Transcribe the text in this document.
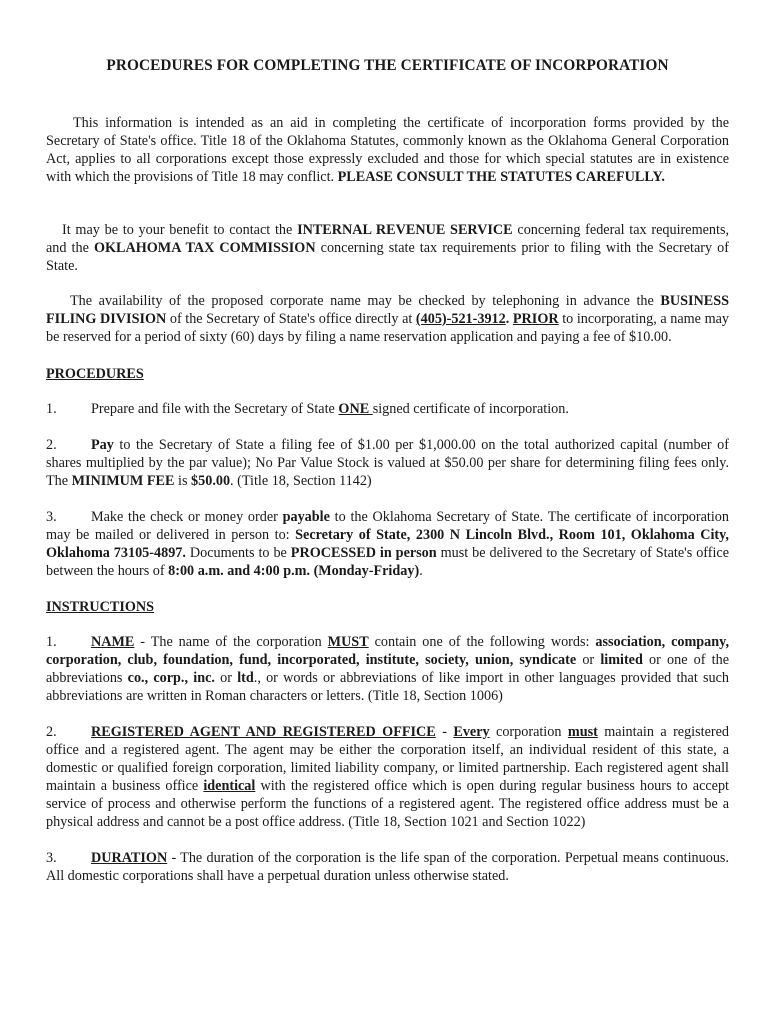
PROCEDURES FOR COMPLETING THE CERTIFICATE OF INCORPORATION

This information is intended as an aid in completing the certificate of incorporation forms provided by the Secretary of State's office. Title 18 of the Oklahoma Statutes, commonly known as the Oklahoma General Corporation Act, applies to all corporations except those expressly excluded and those for which special statutes are in existence with which the provisions of Title 18 may conflict. PLEASE CONSULT THE STATUTES CAREFULLY.

It may be to your benefit to contact the INTERNAL REVENUE SERVICE concerning federal tax requirements, and the OKLAHOMA TAX COMMISSION concerning state tax requirements prior to filing with the Secretary of State.

The availability of the proposed corporate name may be checked by telephoning in advance the BUSINESS FILING DIVISION of the Secretary of State's office directly at (405)-521-3912. PRIOR to incorporating, a name may be reserved for a period of sixty (60) days by filing a name reservation application and paying a fee of $10.00.

PROCEDURES

1. Prepare and file with the Secretary of State ONE signed certificate of incorporation.

2. Pay to the Secretary of State a filing fee of $1.00 per $1,000.00 on the total authorized capital (number of shares multiplied by the par value); No Par Value Stock is valued at $50.00 per share for determining filing fees only. The MINIMUM FEE is $50.00. (Title 18, Section 1142)

3. Make the check or money order payable to the Oklahoma Secretary of State. The certificate of incorporation may be mailed or delivered in person to: Secretary of State, 2300 N Lincoln Blvd., Room 101, Oklahoma City, Oklahoma 73105-4897. Documents to be PROCESSED in person must be delivered to the Secretary of State's office between the hours of 8:00 a.m. and 4:00 p.m. (Monday-Friday).

INSTRUCTIONS

1. NAME - The name of the corporation MUST contain one of the following words: association, company, corporation, club, foundation, fund, incorporated, institute, society, union, syndicate or limited or one of the abbreviations co., corp., inc. or ltd., or words or abbreviations of like import in other languages provided that such abbreviations are written in Roman characters or letters. (Title 18, Section 1006)

2. REGISTERED AGENT AND REGISTERED OFFICE - Every corporation must maintain a registered office and a registered agent. The agent may be either the corporation itself, an individual resident of this state, a domestic or qualified foreign corporation, limited liability company, or limited partnership. Each registered agent shall maintain a business office identical with the registered office which is open during regular business hours to accept service of process and otherwise perform the functions of a registered agent. The registered office address must be a physical address and cannot be a post office address. (Title 18, Section 1021 and Section 1022)

3. DURATION - The duration of the corporation is the life span of the corporation. Perpetual means continuous. All domestic corporations shall have a perpetual duration unless otherwise stated.
